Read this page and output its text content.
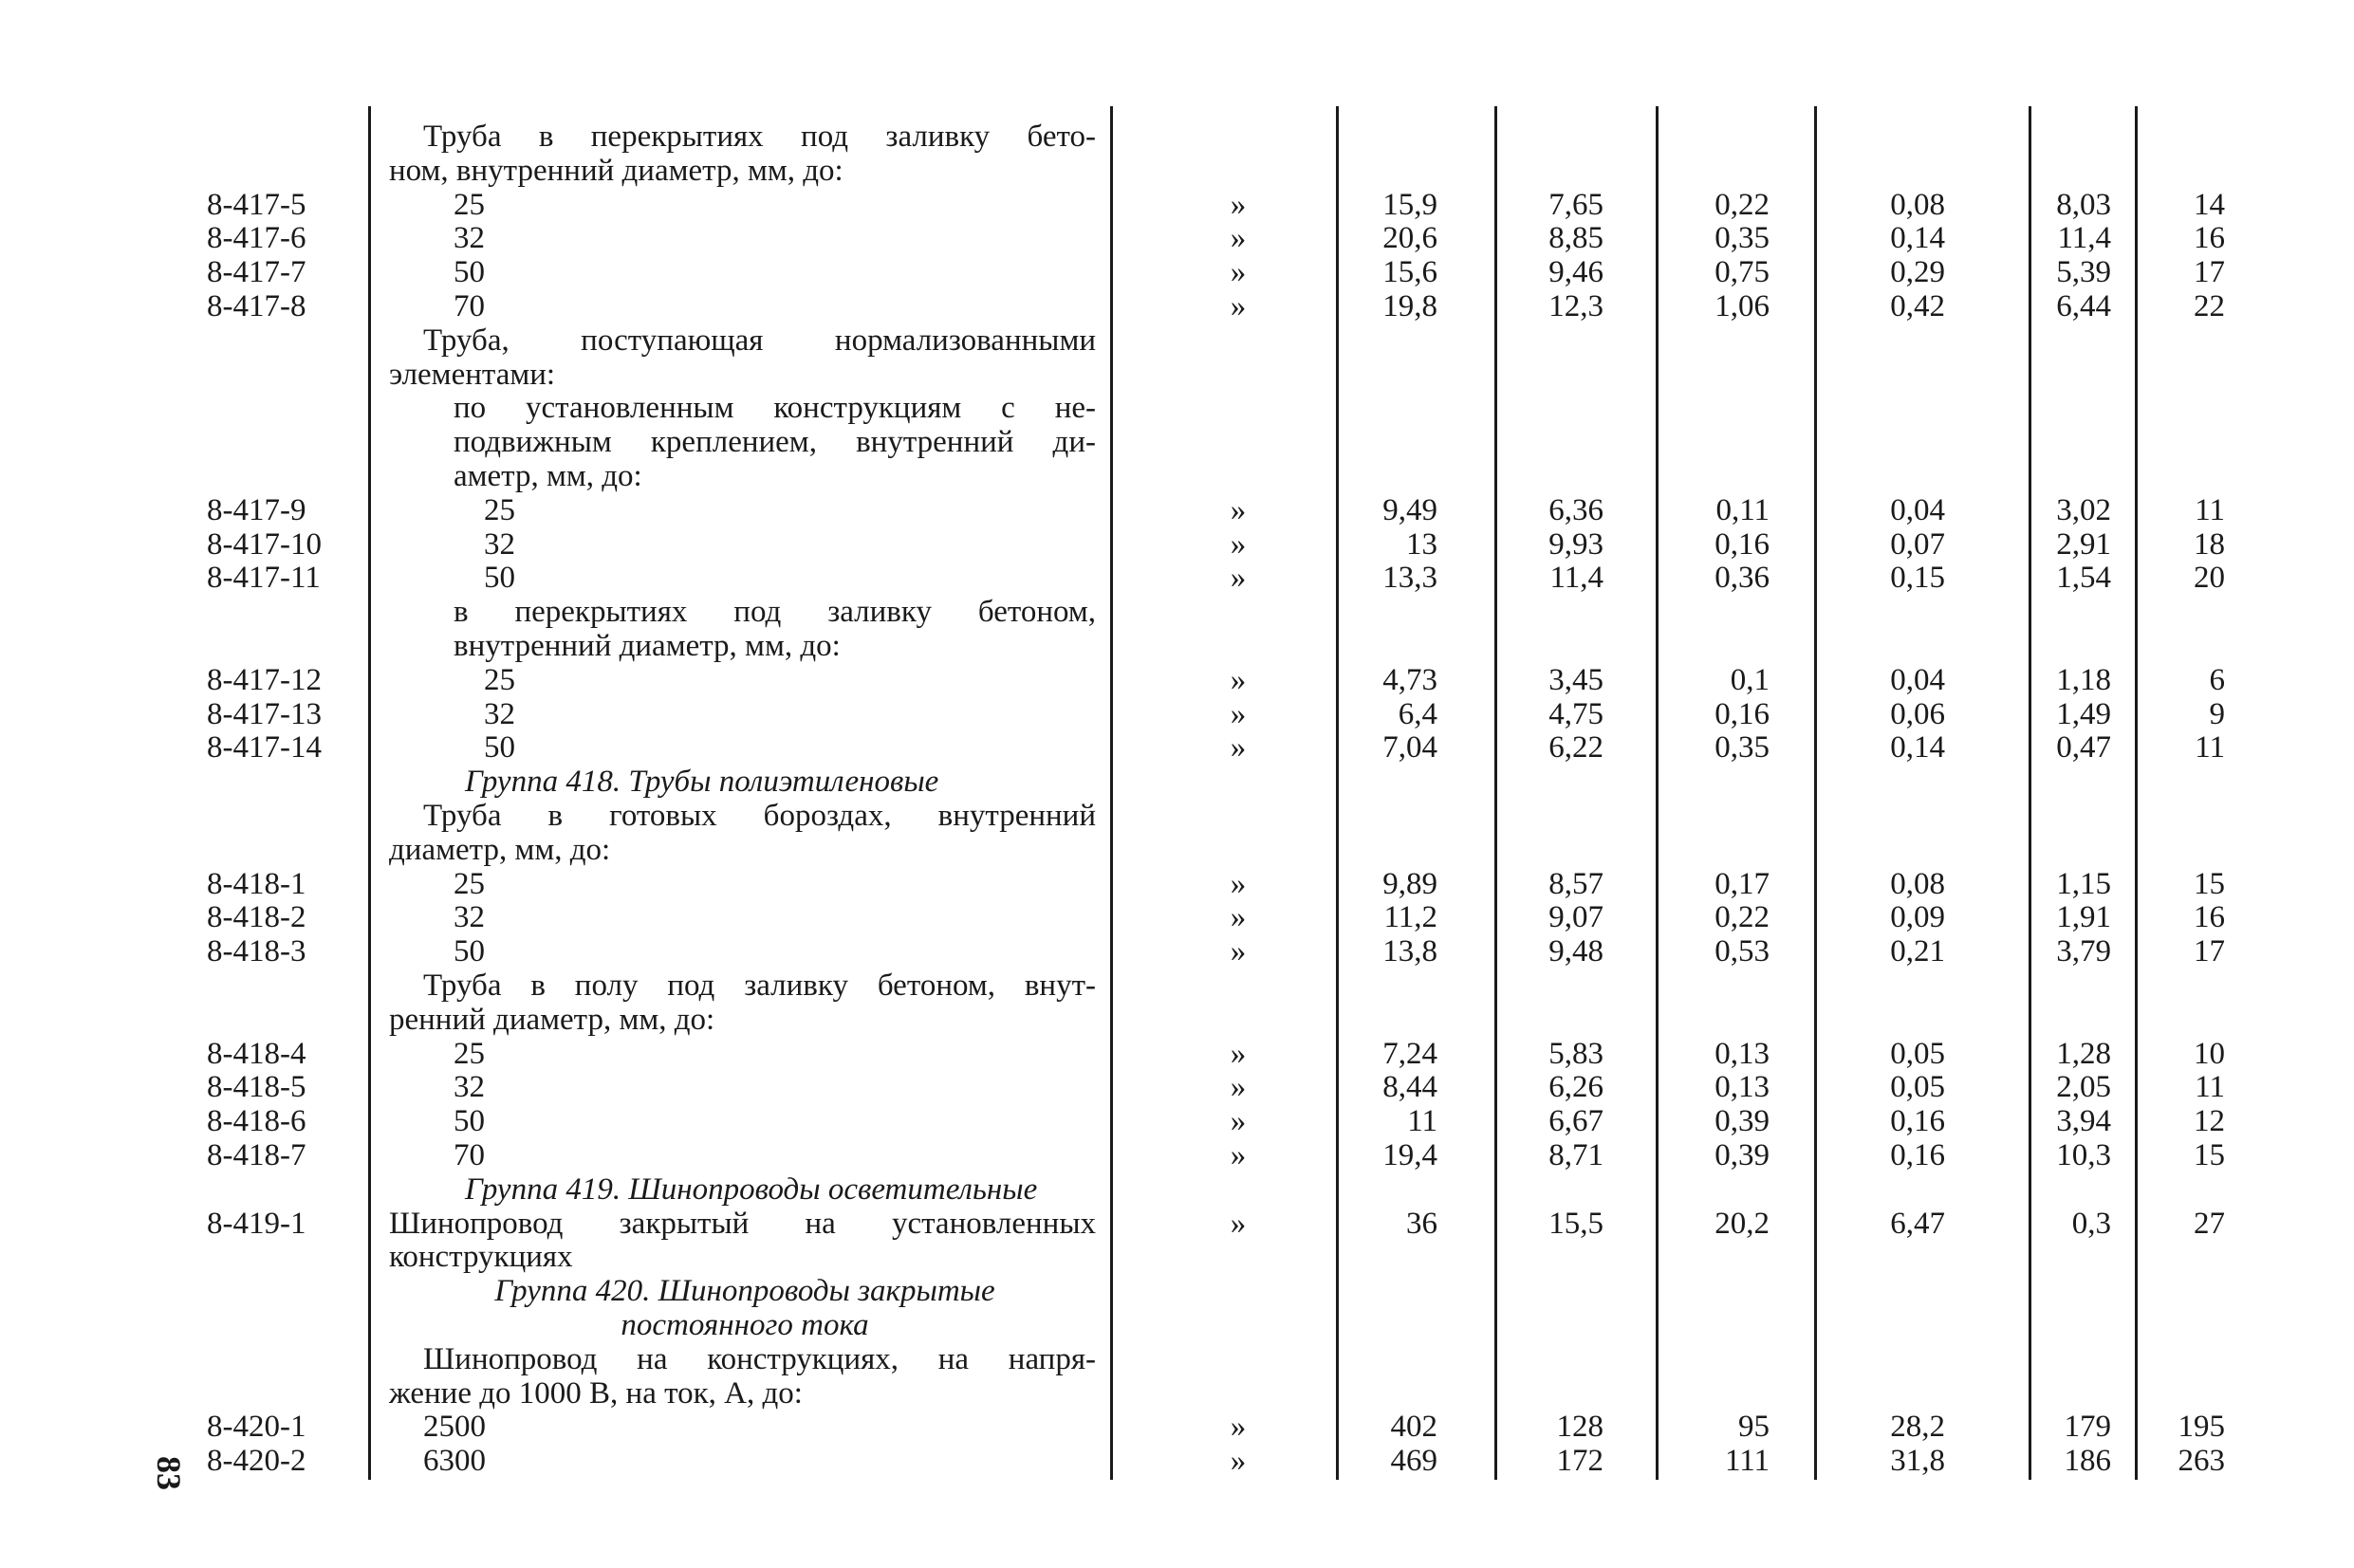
Труба в перекрытиях под заливку бето-
ном, внутренний диаметр, мм, до:
8-417-5	25	»	15,9	7,65	0,22	0,08	8,03	14
8-417-6	32	»	20,6	8,85	0,35	0,14	11,4	16
8-417-7	50	»	15,6	9,46	0,75	0,29	5,39	17
8-417-8	70	»	19,8	12,3	1,06	0,42	6,44	22
Труба, поступающая нормализованными
элементами:
по установленным конструкциям с не-
подвижным креплением, внутренний ди-
аметр, мм, до:
8-417-9	25	»	9,49	6,36	0,11	0,04	3,02	11
8-417-10	32	»	13	9,93	0,16	0,07	2,91	18
8-417-11	50	»	13,3	11,4	0,36	0,15	1,54	20
в перекрытиях под заливку бетоном,
внутренний диаметр, мм, до:
8-417-12	25	»	4,73	3,45	0,1	0,04	1,18	6
8-417-13	32	»	6,4	4,75	0,16	0,06	1,49	9
8-417-14	50	»	7,04	6,22	0,35	0,14	0,47	11
Группа 418. Трубы полиэтиленовые
Труба в готовых бороздах, внутренний
диаметр, мм, до:
8-418-1	25	»	9,89	8,57	0,17	0,08	1,15	15
8-418-2	32	»	11,2	9,07	0,22	0,09	1,91	16
8-418-3	50	»	13,8	9,48	0,53	0,21	3,79	17
Труба в полу под заливку бетоном, внут-
ренний диаметр, мм, до:
8-418-4	25	»	7,24	5,83	0,13	0,05	1,28	10
8-418-5	32	»	8,44	6,26	0,13	0,05	2,05	11
8-418-6	50	»	11	6,67	0,39	0,16	3,94	12
8-418-7	70	»	19,4	8,71	0,39	0,16	10,3	15
Группа 419. Шинопроводы осветительные
8-419-1	Шинопровод закрытый на установленных	»	36	15,5	20,2	6,47	0,3	27
конструкциях
Группа 420. Шинопроводы закрытые
постоянного тока
Шинопровод на конструкциях, на напря-
жение до 1000 В, на ток, А, до:
8-420-1	2500	»	402	128	95	28,2	179	195
8-420-2	6300	»	469	172	111	31,8	186	263
83
